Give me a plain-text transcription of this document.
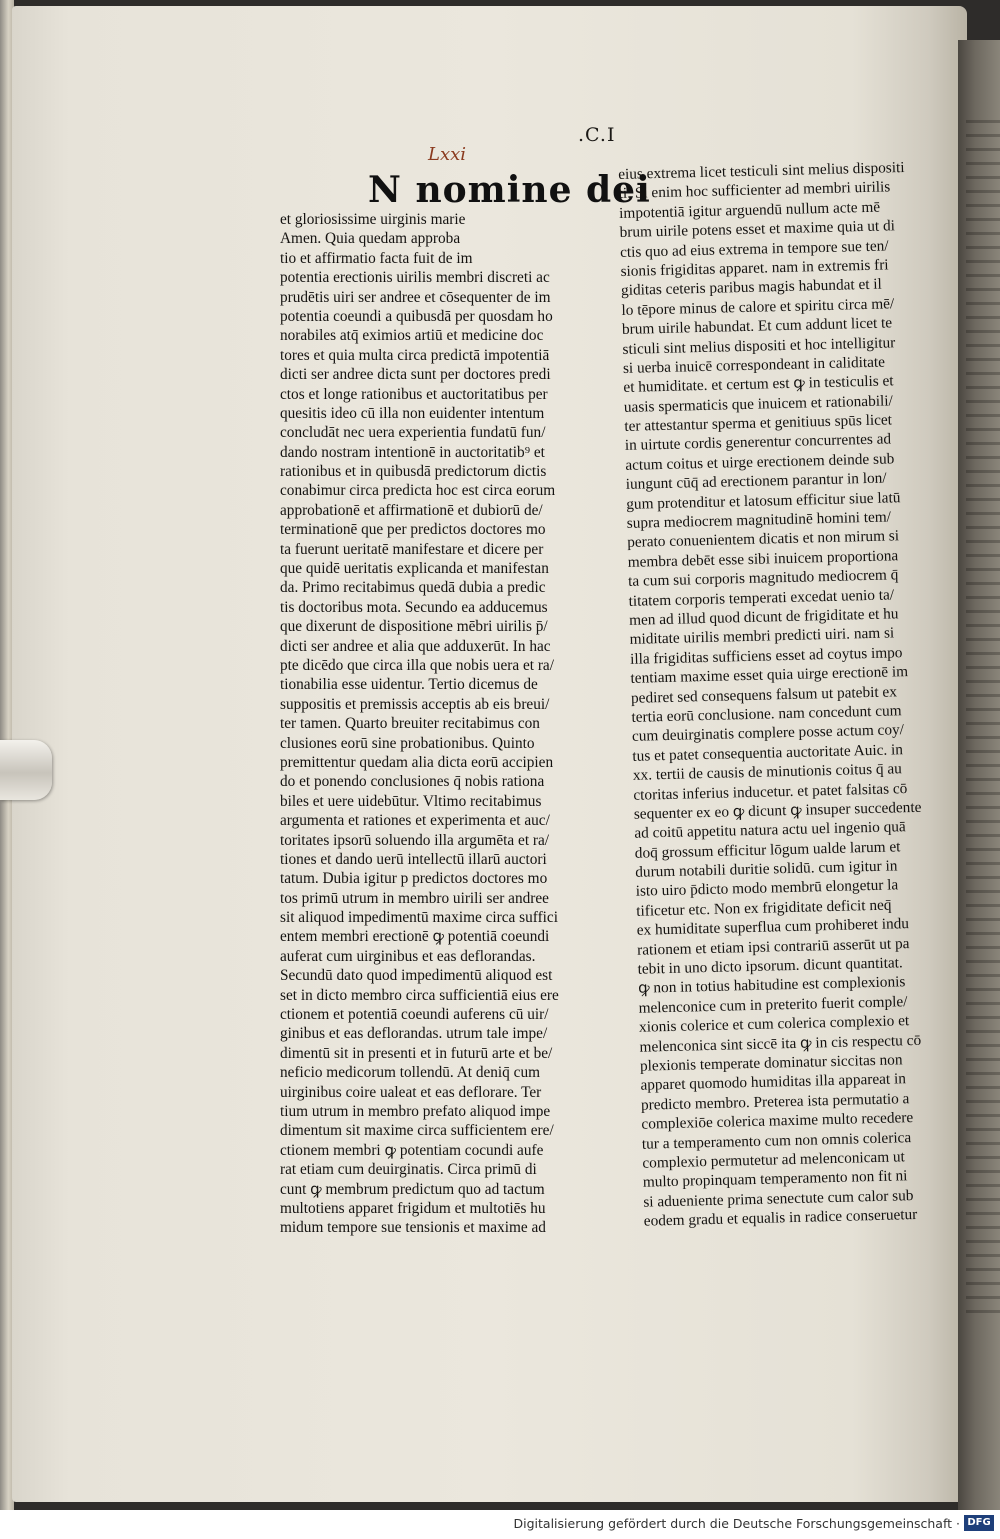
.C.I
Lxxi
N nomine dei
et gloriosissime uirginis marie
Amen. Quia quedam approba
tio et affirmatio facta fuit de im
potentia erectionis uirilis membri discreti ac
prudētis uiri ser andree et cōsequenter de im
potentia coeundi a quibusdā per quosdam ho
norabiles atq̄ eximios artiū et medicine doc
tores et quia multa circa predictā impotentiā
dicti ser andree dicta sunt per doctores predi
ctos et longe rationibus et auctoritatibus per
quesitis ideo cū illa non euidenter intentum
concludāt nec uera experientia fundatū fun/
dando nostram intentionē in auctoritatib⁹ et
rationibus et in quibusdā predictorum dictis
conabimur circa predicta hoc est circa eorum
approbationē et affirmationē et dubiorū de/
terminationē que per predictos doctores mo
ta fuerunt ueritatē manifestare et dicere per
que quidē ueritatis explicanda et manifestan
da. Primo recitabimus quedā dubia a predic
tis doctoribus mota. Secundo ea adducemus
que dixerunt de dispositione mēbri uirilis p̄/
dicti ser andree et alia que adduxerūt. In hac
pte dicēdo que circa illa que nobis uera et ra/
tionabilia esse uidentur. Tertio dicemus de
suppositis et premissis acceptis ab eis breui/
ter tamen. Quarto breuiter recitabimus con
clusiones eorū sine probationibus. Quinto
premittentur quedam alia dicta eorū accipien
do et ponendo conclusiones q̄ nobis rationa
biles et uere uidebūtur. Vltimo recitabimus
argumenta et rationes et experimenta et auc/
toritates ipsorū soluendo illa argumēta et ra/
tiones et dando uerū intellectū illarū auctori
tatum. Dubia igitur p predictos doctores mo
tos primū utrum in membro uirili ser andree
sit aliquod impedimentū maxime circa suffici
entem membri erectionē ꝙ potentiā coeundi
auferat cum uirginibus et eas deflorandas.
Secundū dato quod impedimentū aliquod est
set in dicto membro circa sufficientiā eius ere
ctionem et potentiā coeundi auferens cū uir/
ginibus et eas deflorandas. utrum tale impe/
dimentū sit in presenti et in futurū arte et be/
neficio medicorum tollendū. At deniq̄ cum
uirginibus coire ualeat et eas deflorare. Ter
tium utrum in membro prefato aliquod impe
dimentum sit maxime circa sufficientem ere/
ctionem membri ꝙ potentiam cocundi aufe
rat etiam cum deuirginatis. Circa primū di
cunt ꝙ membrum predictum quo ad tactum
multotiens apparet frigidum et multotiēs hu
midum tempore sue tensionis et maxime ad
eius extrema licet testiculi sint melius dispositi
ti. Si enim hoc sufficienter ad membri uirilis
impotentiā igitur arguendū nullum acte mē
brum uirile potens esset et maxime quia ut di
ctis quo ad eius extrema in tempore sue ten/
sionis frigiditas apparet. nam in extremis fri
giditas ceteris paribus magis habundat et il
lo tēpore minus de calore et spiritu circa mē/
brum uirile habundat. Et cum addunt licet te
sticuli sint melius dispositi et hoc intelligitur
si uerba inuicē correspondeant in caliditate
et humiditate. et certum est ꝙ in testiculis et
uasis spermaticis que inuicem et rationabili/
ter attestantur sperma et genitiuus spūs licet
in uirtute cordis generentur concurrentes ad
actum coitus et uirge erectionem deinde sub
iungunt cūq̄ ad erectionem parantur in lon/
gum protenditur et latosum efficitur siue latū
supra mediocrem magnitudinē homini tem/
perato conuenientem dicatis et non mirum si
membra debēt esse sibi inuicem proportiona
ta cum sui corporis magnitudo mediocrem q̄
titatem corporis temperati excedat uenio ta/
men ad illud quod dicunt de frigiditate et hu
miditate uirilis membri predicti uiri. nam si
illa frigiditas sufficiens esset ad coytus impo
tentiam maxime esset quia uirge erectionē im
pediret sed consequens falsum ut patebit ex
tertia eorū conclusione. nam concedunt cum
cum deuirginatis complere posse actum coy/
tus et patet consequentia auctoritate Auic. in
xx. tertii de causis de minutionis coitus q̄ au
ctoritas inferius inducetur. et patet falsitas cō
sequenter ex eo ꝙ dicunt ꝙ insuper succedente
ad coitū appetitu natura actu uel ingenio quā
doq̄ grossum efficitur lōgum ualde larum et
durum notabili duritie solidū. cum igitur in
isto uiro p̄dicto modo membrū elongetur la
tificetur etc. Non ex frigiditate deficit neq̄
ex humiditate superflua cum prohiberet indu
rationem et etiam ipsi contrariū asserūt ut pa
tebit in uno dicto ipsorum. dicunt quantitat.
ꝙ non in totius habitudine est complexionis
melenconice cum in preterito fuerit comple/
xionis colerice et cum colerica complexio et
melenconica sint siccē ita ꝙ in cis respectu cō
plexionis temperate dominatur siccitas non
apparet quomodo humiditas illa appareat in
predicto membro. Preterea ista permutatio a
complexiōe colerica maxime multo recedere
tur a temperamento cum non omnis colerica
complexio permutetur ad melenconicam ut
multo propinquam temperamento non fit ni
si adueniente prima senectute cum calor sub
eodem gradu et equalis in radice conseruetur
Digitalisierung gefördert durch die Deutsche Forschungsgemeinschaft · DFG
